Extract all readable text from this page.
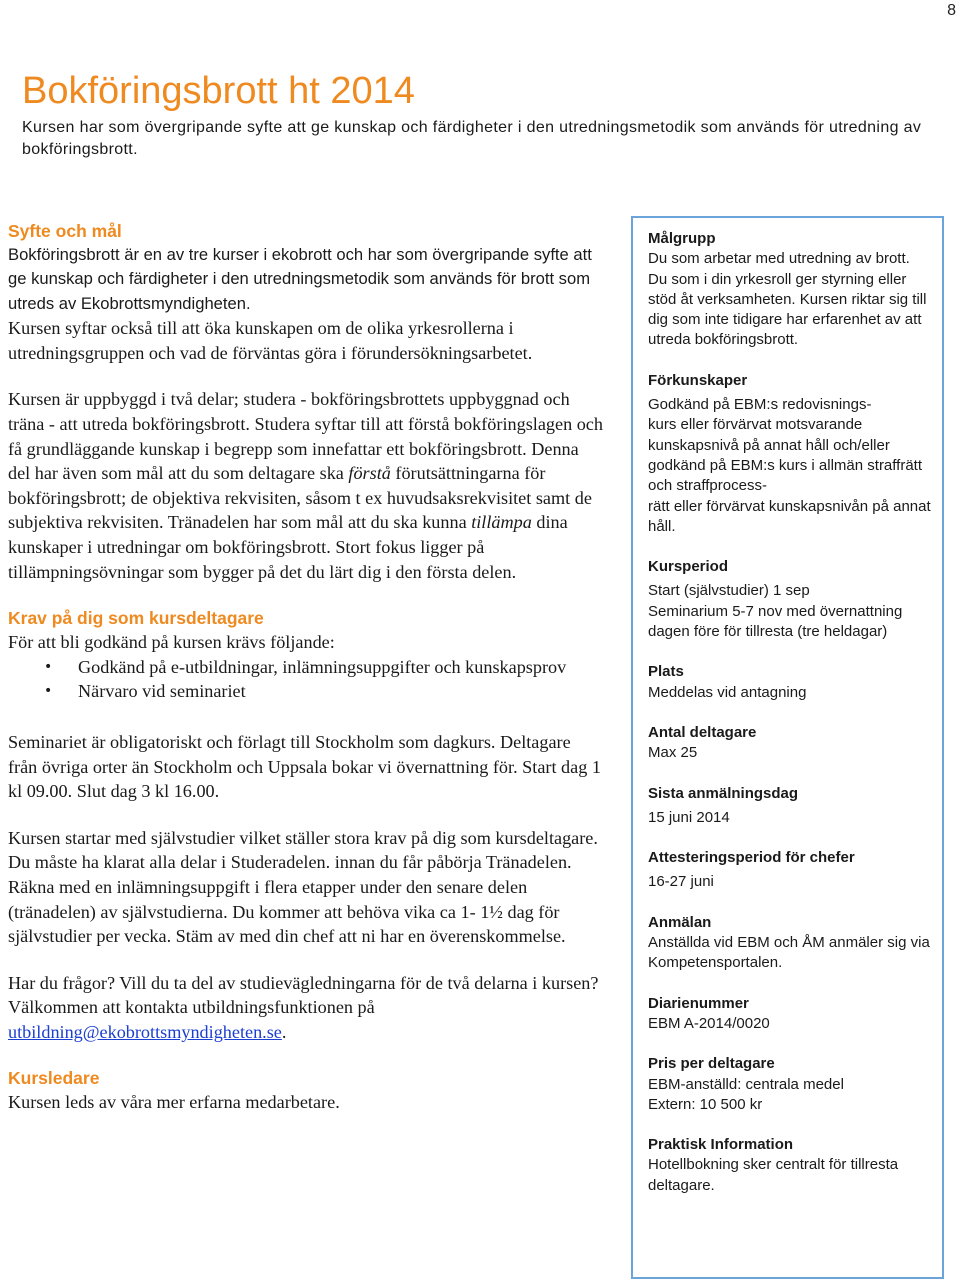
8
Bokföringsbrott ht 2014

Kursen har som övergripande syfte att ge kunskap och färdigheter i den utredningsmetodik som används för utredning av bokföringsbrott.

Syfte och mål

Bokföringsbrott är en av tre kurser i ekobrott och har som övergripande syfte att ge kunskap och färdigheter i den utredningsmetodik som används för brott som utreds av Ekobrottsmyndigheten.

Kursen syftar också till att öka kunskapen om de olika yrkesrollerna i utredningsgruppen och vad de förväntas göra i förundersökningsarbetet.

Kursen är uppbyggd i två delar; studera - bokföringsbrottets uppbyggnad och träna - att utreda bokföringsbrott. Studera syftar till att förstå bokföringslagen och få grundläggande kunskap i begrepp som innefattar ett bokföringsbrott. Denna del har även som mål att du som deltagare ska förstå förutsättningarna för bokföringsbrott; de objektiva rekvisiten, såsom t ex huvudsaksrekvisitet samt de subjektiva rekvisiten. Tränadelen har som mål att du ska kunna tillämpa dina kunskaper i utredningar om bokföringsbrott. Stort fokus ligger på tillämpningsövningar som bygger på det du lärt dig i den första delen.

Krav på dig som kursdeltagare

För att bli godkänd på kursen krävs följande:

• Godkänd på e-utbildningar, inlämningsuppgifter och kunskapsprov
• Närvaro vid seminariet

Seminariet är obligatoriskt och förlagt till Stockholm som dagkurs. Deltagare från övriga orter än Stockholm och Uppsala bokar vi övernattning för. Start dag 1 kl 09.00. Slut dag 3 kl 16.00.

Kursen startar med självstudier vilket ställer stora krav på dig som kursdeltagare. Du måste ha klarat alla delar i Studeradelen. innan du får påbörja Tränadelen. Räkna med en inlämningsuppgift i flera etapper under den senare delen (tränadelen) av självstudierna. Du kommer att behöva vika ca 1- 1½ dag för självstudier per vecka. Stäm av med din chef att ni har en överenskommelse.

Har du frågor? Vill du ta del av studievägledningarna för de två delarna i kursen? Välkommen att kontakta utbildningsfunktionen på utbildning@ekobrottsmyndigheten.se.

Kursledare

Kursen leds av våra mer erfarna medarbetare.

Målgrupp

Du som arbetar med utredning av brott. Du som i din yrkesroll ger styrning eller stöd åt verksamheten. Kursen riktar sig till dig som inte tidigare har erfarenhet av att utreda bokföringsbrott.

Förkunskaper

Godkänd på EBM:s redovisnings-
kurs eller förvärvat motsvarande kunskapsnivå på annat håll och/eller godkänd på EBM:s kurs i allmän straffrätt och straffprocess-
rätt eller förvärvat kunskapsnivån på annat håll.

Kursperiod

Start (självstudier) 1 sep
Seminarium 5-7 nov med övernattning dagen före för tillresta (tre heldagar)

Plats

Meddelas vid antagning

Antal deltagare

Max 25

Sista anmälningsdag

15 juni 2014

Attesteringsperiod för chefer

16-27 juni

Anmälan

Anställda vid EBM och ÅM anmäler sig via Kompetensportalen.

Diarienummer

EBM A-2014/0020

Pris per deltagare

EBM-anställd: centrala medel
Extern: 10 500 kr

Praktisk Information

Hotellbokning sker centralt för tillresta deltagare.
